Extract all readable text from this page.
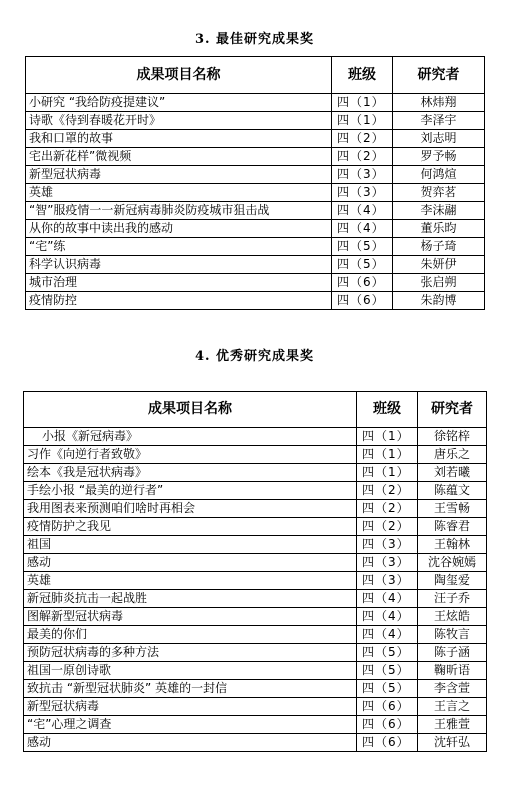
3. 最佳研究成果奖
成果项目名称	班级	研究者
小研究 “我给防疫提建议”	四（1）	林炜翔
诗歌《待到春暖花开时》	四（1）	李泽宇
我和口罩的故事	四（2）	刘志明
宅出新花样”微视频	四（2）	罗予畅
新型冠状病毒	四（3）	何鸿煊
英雄	四（3）	贺弈茗
“智”服疫情一一新冠病毒肺炎防疫城市狙击战	四（4）	李沫翮
从你的故事中读出我的感动	四（4）	董乐昀
“宅”练	四（5）	杨子琦
科学认识病毒	四（5）	朱妍伊
城市治理	四（6）	张启朔
疫情防控	四（6）	朱韵博
4. 优秀研究成果奖
成果项目名称	班级	研究者
小报《新冠病毒》	四（1）	徐铭梓
习作《向逆行者致敬》	四（1）	唐乐之
绘本《我是冠状病毒》	四（1）	刘若曦
手绘小报 “最美的逆行者”	四（2）	陈蕴文
我用图表来预测咱们啥时再相会	四（2）	王雪畅
疫情防护之我见	四（2）	陈睿君
祖国	四（3）	王翰林
感动	四（3）	沈谷婉嫣
英雄	四（3）	陶玺爱
新冠肺炎抗击一起战胜	四（4）	汪子乔
图解新型冠状病毒	四（4）	王炫皓
最美的你们	四（4）	陈牧言
预防冠状病毒的多种方法	四（5）	陈子涵
祖国一原创诗歌	四（5）	鞠昕语
致抗击 “新型冠状肺炎” 英雄的一封信	四（5）	李含萱
新型冠状病毒	四（6）	王言之
“宅”心理之调查	四（6）	王雅萱
感动	四（6）	沈轩弘
